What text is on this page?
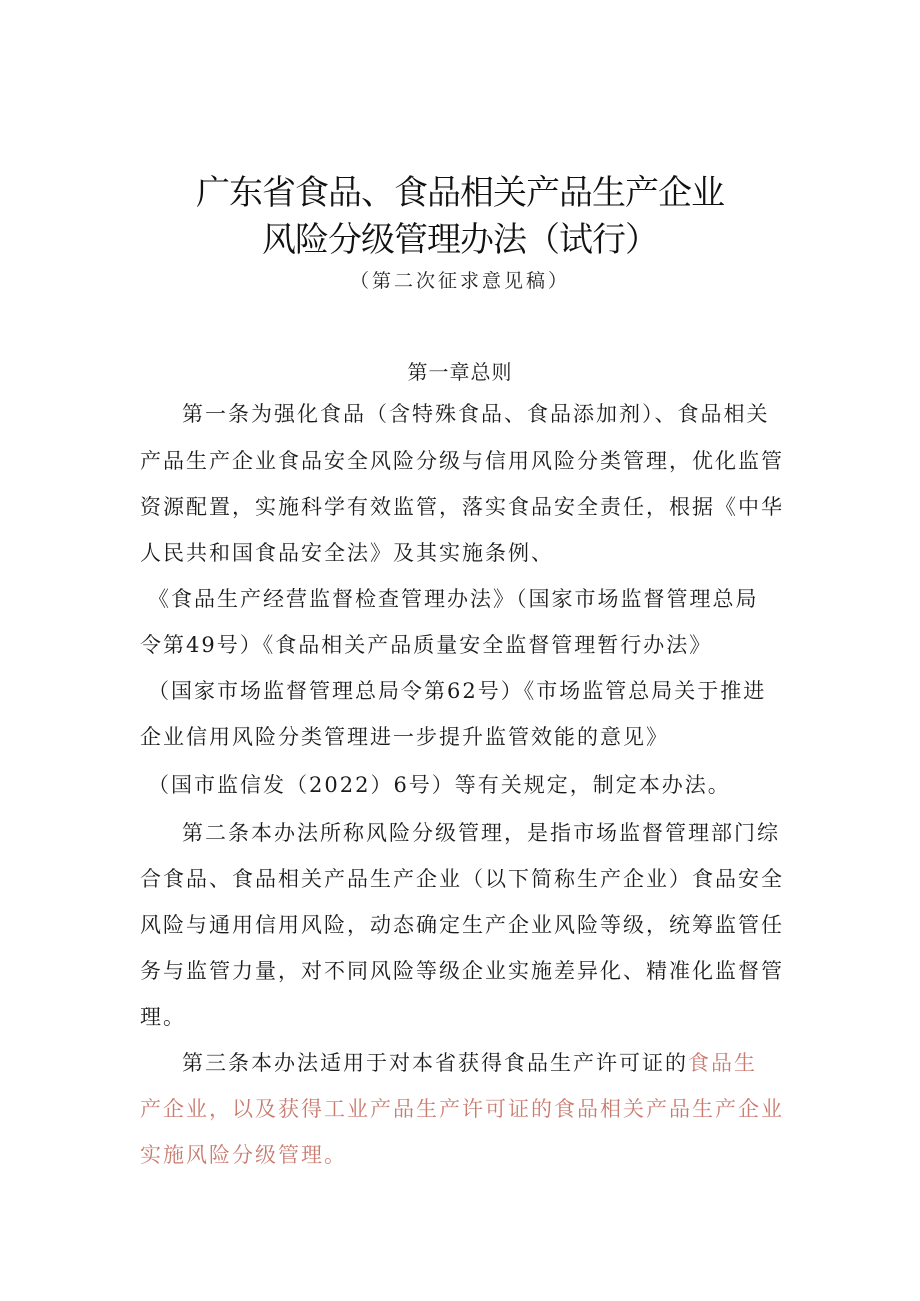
广东省食品、食品相关产品生产企业
风险分级管理办法（试行）
（第二次征求意见稿）
第一章总则
第一条为强化食品（含特殊食品、食品添加剂）、食品相关
产品生产企业食品安全风险分级与信用风险分类管理，优化监管
资源配置，实施科学有效监管，落实食品安全责任，根据《中华
人民共和国食品安全法》及其实施条例、
《食品生产经营监督检查管理办法》（国家市场监督管理总局
令第49号）《食品相关产品质量安全监督管理暂行办法》
（国家市场监督管理总局令第62号）《市场监管总局关于推进
企业信用风险分类管理进一步提升监管效能的意见》
（国市监信发（2022）6号）等有关规定，制定本办法。
第二条本办法所称风险分级管理，是指市场监督管理部门综
合食品、食品相关产品生产企业（以下简称生产企业）食品安全
风险与通用信用风险，动态确定生产企业风险等级，统筹监管任
务与监管力量，对不同风险等级企业实施差异化、精准化监督管
理。
第三条本办法适用于对本省获得食品生产许可证的食品生
产企业，以及获得工业产品生产许可证的食品相关产品生产企业
实施风险分级管理。
